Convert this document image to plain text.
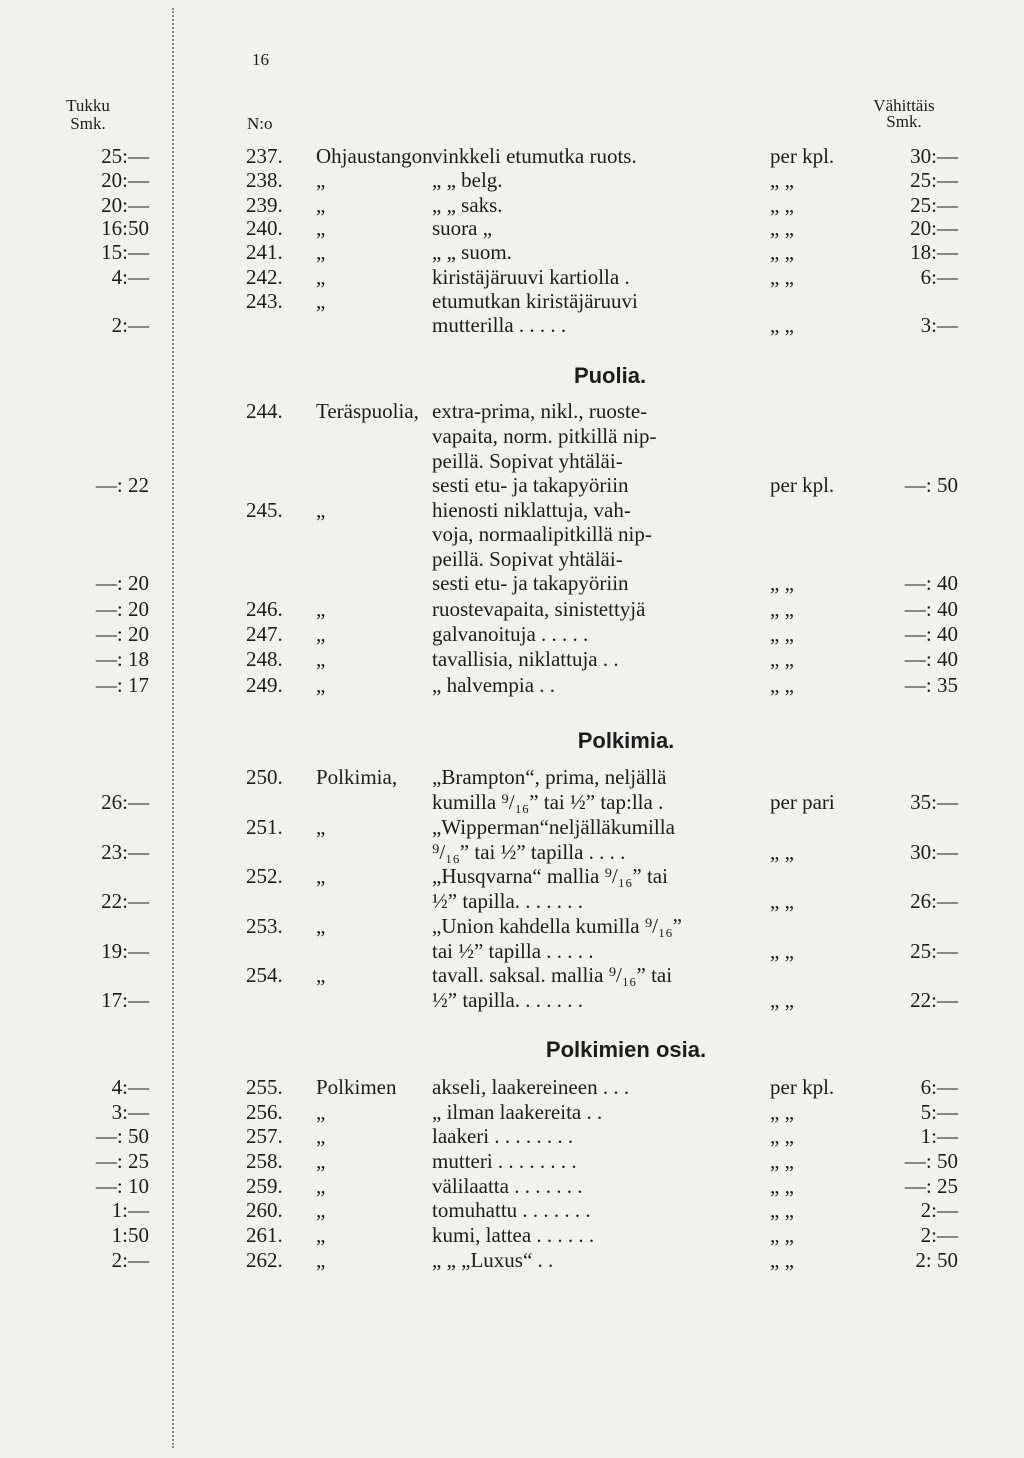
16
Tukku
Smk.	N:o
Vähittäis
Smk.
Puolia.
Polkimia.
Polkimien osia.
25:—	237. Ohjaustangon vinkkeli etumutka ruots.	per kpl.	30:—
20:—	238. „	„ „ belg.	„ „	25:—
20:—	239. „	„ „ saks.	„ „	25:—
16:50	240. „	suora „	„ „	20:—
15:—	241. „	„ „ suom.	„ „	18:—
4:—	242. „	kiristäjäruuvi kartiolla .	„ „	6:—
243. „	etumutkan kiristäjäruuvi
2:—	mutterilla . . . . .	„ „	3:—
244. Teräspuolia, extra-prima, nikl., ruoste-
vapaita, norm. pitkillä nip-
peillä. Sopivat yhtäläi-
—: 22	sesti etu- ja takapyöriin	per kpl.	—: 50
245. „	hienosti niklattuja, vah-
voja, normaalipitkillä nip-
peillä. Sopivat yhtäläi-
—: 20	sesti etu- ja takapyöriin	„ „	—: 40
—: 20	246. „	ruostevapaita, sinistettyjä	„ „	—: 40
—: 20	247. „	galvanoituja . . . . .	„ „	—: 40
—: 18	248. „	tavallisia, niklattuja . .	„ „	—: 40
—: 17	249. „	„ halvempia . .	„ „	—: 35
250. Polkimia, „Brampton“, prima, neljällä
26:—	kumilla ⁹/₁₆” tai ½” tap:lla .	per pari	35:—
251. „	„Wipperman“neljälläkumilla
23:—	⁹/₁₆” tai ½” tapilla . . . .	„ „	30:—
252. „	„Husqvarna“ mallia ⁹/₁₆” tai
22:—	½” tapilla. . . . . . .	„ „	26:—
253. „	„Union kahdella kumilla ⁹/₁₆”
19:—	tai ½” tapilla . . . . .	„ „	25:—
254. „	tavall. saksal. mallia ⁹/₁₆” tai
17:—	½” tapilla. . . . . . .	„ „	22:—
4:—	255. Polkimen akseli, laakereineen . . .	per kpl.	6:—
3:—	256. „	„ ilman laakereita . .	„ „	5:—
—: 50	257. „	laakeri . . . . . . . .	„ „	1:—
—: 25	258. „	mutteri . . . . . . . .	„ „	—: 50
—: 10	259. „	välilaatta . . . . . . .	„ „	—: 25
1:—	260. „	tomuhattu . . . . . . .	„ „	2:—
1:50	261. „	kumi, lattea . . . . . .	„ „	2:—
2:—	262. „	„ „ „Luxus“ . .	„ „	2: 50
